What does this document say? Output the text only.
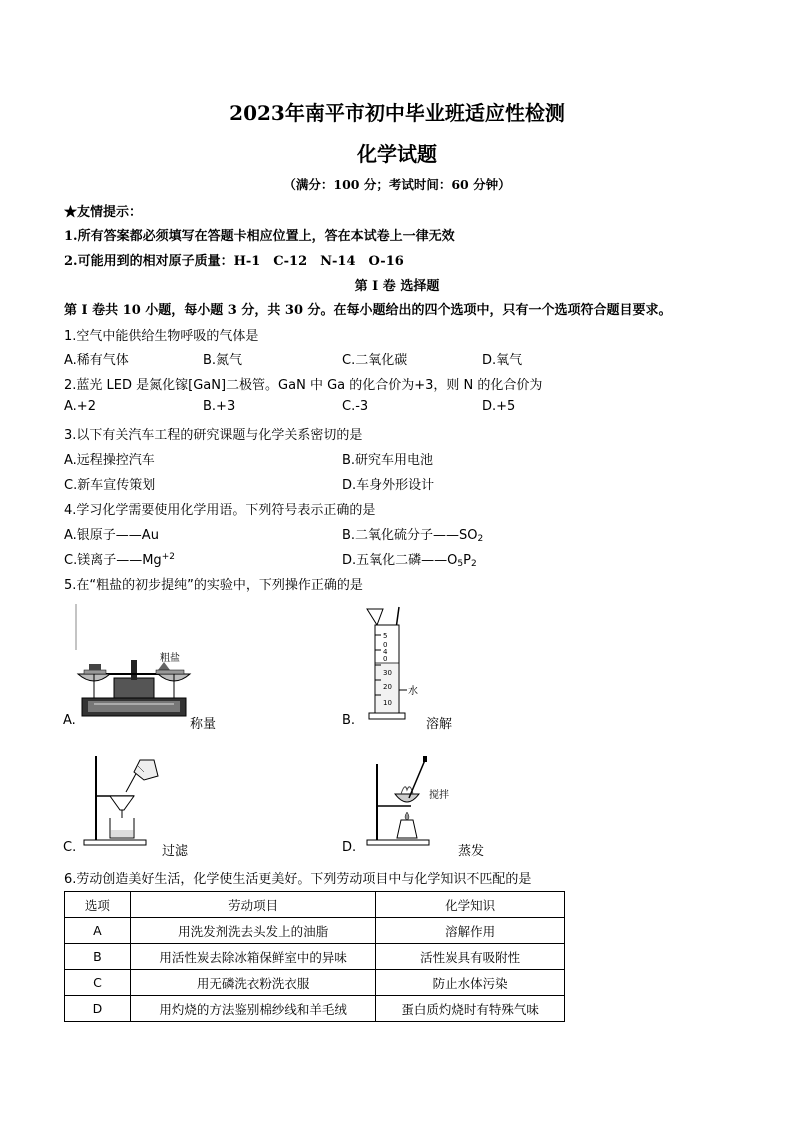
2023年南平市初中毕业班适应性检测
化学试题
（满分：100 分；考试时间：60 分钟）
★友情提示：
1.所有答案都必须填写在答题卡相应位置上，答在本试卷上一律无效
2.可能用到的相对原子质量：H-1　C-12　N-14　O-16
第 I 卷 选择题
第 I 卷共 10 小题，每小题 3 分，共 30 分。在每小题给出的四个选项中，只有一个选项符合题目要求。
1.空气中能供给生物呼吸的气体是
A.稀有气体	B.氮气	C.二氧化碳	D.氧气
2.蓝光 LED 是氮化镓[GaN]二极管。GaN 中 Ga 的化合价为+3，则 N 的化合价为
A.+2	B.+3	C.-3	D.+5
3.以下有关汽车工程的研究课题与化学关系密切的是
A.远程操控汽车	B.研究车用电池
C.新车宣传策划	D.车身外形设计
4.学习化学需要使用化学用语。下列符号表示正确的是
A.银原子——Au	B.二氧化硫分子$——SO_2$
C.镁离子$——Mg^{+2}$	D.五氧化二磷$——O_5P_2$
5.在“粗盐的初步提纯”的实验中，下列操作正确的是
A.
粗盐
称量	B.
5
0
4
0
30
20
10
水
溶解
C.	过滤	D.
搅拌
蒸发
6.劳动创造美好生活，化学使生活更美好。下列劳动项目中与化学知识不匹配的是
选项	劳动项目	化学知识
A	用洗发剂洗去头发上的油脂	溶解作用
B	用活性炭去除冰箱保鲜室中的异味	活性炭具有吸附性
C	用无磷洗衣粉洗衣服	防止水体污染
D	用灼烧的方法鉴别棉纱线和羊毛绒	蛋白质灼烧时有特殊气味
